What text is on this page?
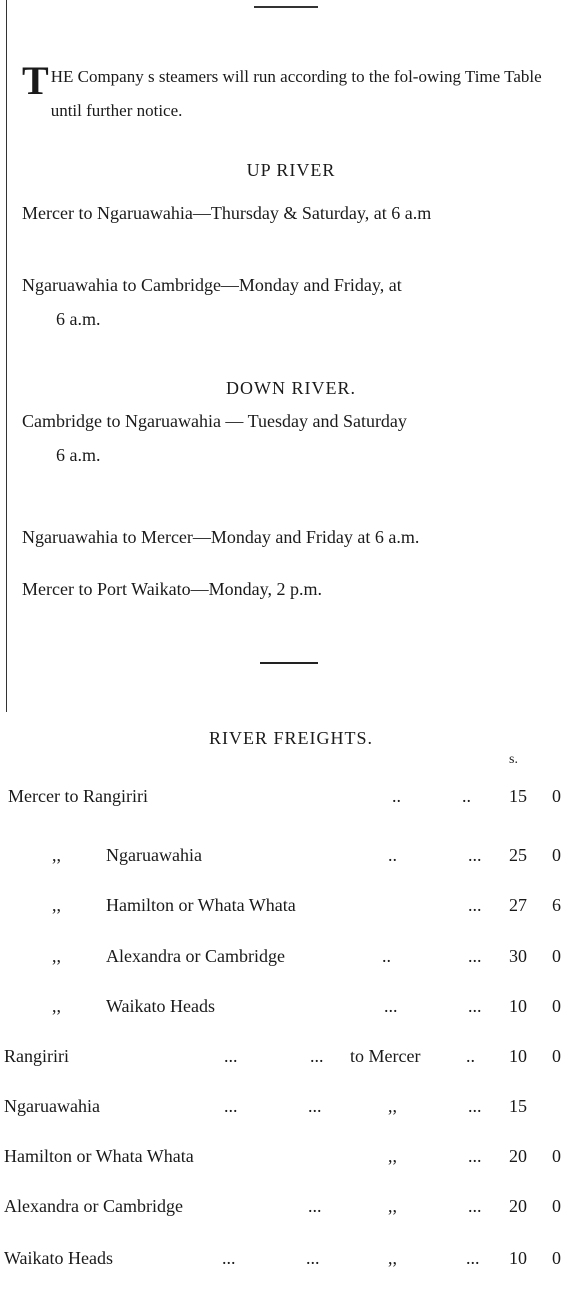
T HE Company s steamers will run according to the fol-owing Time Table until further notice.
UP RIVER
Mercer to Ngaruawahia—Thursday & Saturday, at 6 a.m
Ngaruawahia to Cambridge—Monday and Friday, at
6 a.m.
DOWN RIVER.
Cambridge to Ngaruawahia — Tuesday and Saturday
6 a.m.
Ngaruawahia to Mercer—Monday and Friday at 6 a.m.
Mercer to Port Waikato—Monday, 2 p.m.
RIVER FREIGHTS.
s.
Mercer to Rangiriri	..	.. 15 0
,,	Ngaruawahia	..	... 25 0
,,	Hamilton or Whata Whata	... 27 6
,,	Alexandra or Cambridge	..	... 30 0
,,	Waikato Heads	...	... 10 0
Rangiriri	...	... to Mercer	.. 10 0
Ngaruawahia	...	...	,,	... 15
Hamilton or Whata Whata	,,	... 20 0
Alexandra or Cambridge	...	,,	... 20 0
Waikato Heads	...	...	,,	... 10 0
